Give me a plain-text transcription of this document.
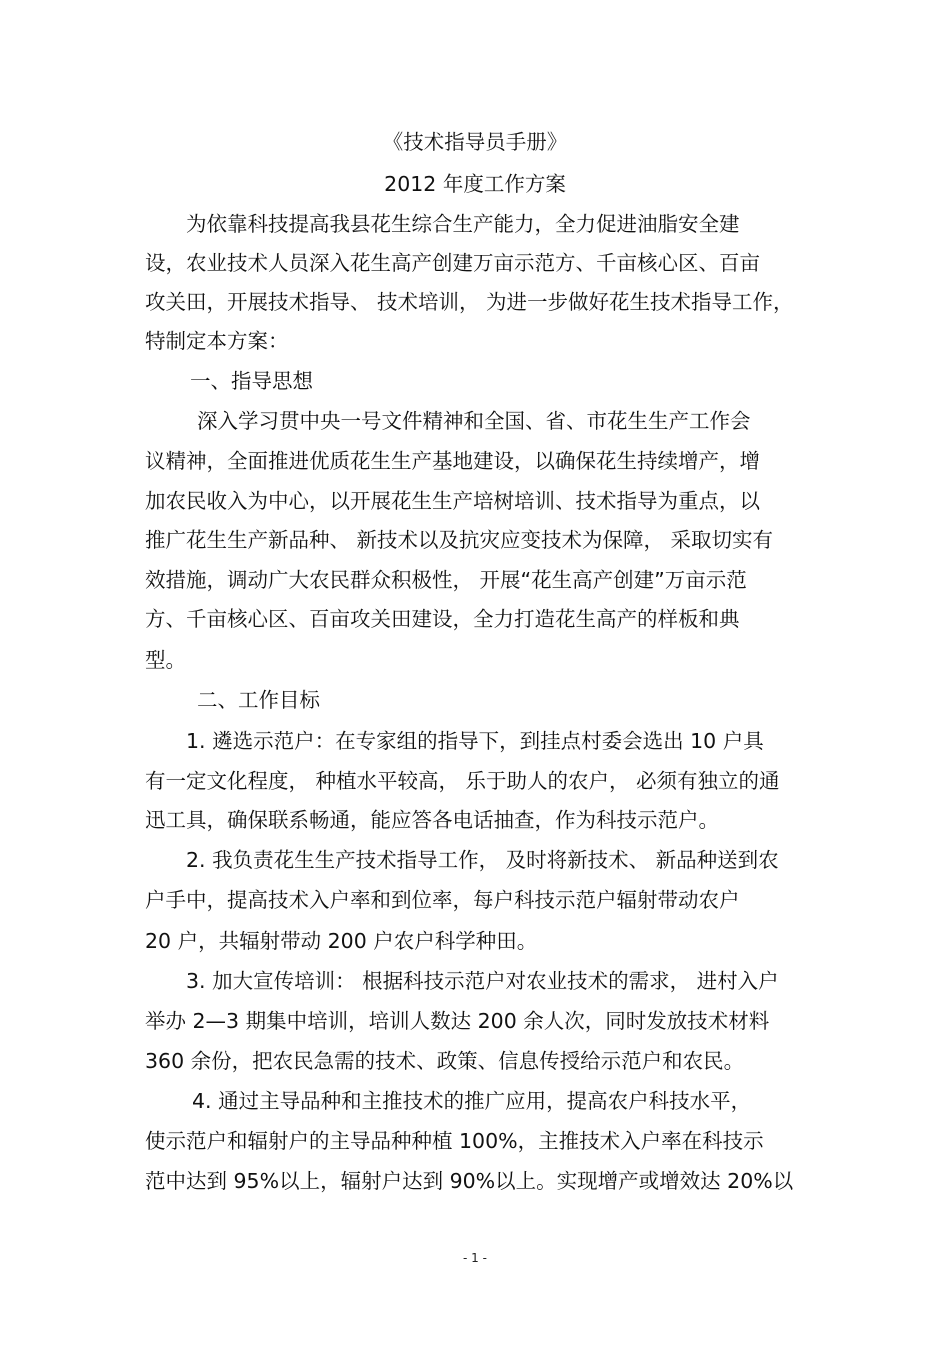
《技术指导员手册》
2012 年度工作方案
为依靠科技提高我县花生综合生产能力，全力促进油脂安全建
设，农业技术人员深入花生高产创建万亩示范方、千亩核心区、百亩
攻关田，开展技术指导、 技术培训， 为进一步做好花生技术指导工作，
特制定本方案：
一、指导思想
深入学习贯中央一号文件精神和全国、省、市花生生产工作会
议精神，全面推进优质花生生产基地建设，以确保花生持续增产，增
加农民收入为中心，以开展花生生产培树培训、技术指导为重点，以
推广花生生产新品种、 新技术以及抗灾应变技术为保障， 采取切实有
效措施，调动广大农民群众积极性， 开展“花生高产创建”万亩示范
方、千亩核心区、百亩攻关田建设，全力打造花生高产的样板和典
型。
二、工作目标
1. 遴选示范户：在专家组的指导下，到挂点村委会选出 10 户具
有一定文化程度， 种植水平较高， 乐于助人的农户， 必须有独立的通
迅工具，确保联系畅通，能应答各电话抽查，作为科技示范户。
2. 我负责花生生产技术指导工作， 及时将新技术、 新品种送到农
户手中，提高技术入户率和到位率，每户科技示范户辐射带动农户
20 户，共辐射带动 200 户农户科学种田。
3. 加大宣传培训： 根据科技示范户对农业技术的需求， 进村入户
举办 2—3 期集中培训，培训人数达 200 余人次，同时发放技术材料
360 余份，把农民急需的技术、政策、信息传授给示范户和农民。
4. 通过主导品种和主推技术的推广应用，提高农户科技水平，
使示范户和辐射户的主导品种种植 100%，主推技术入户率在科技示
范中达到 95%以上，辐射户达到 90%以上。实现增产或增效达 20%以
- 1 -
